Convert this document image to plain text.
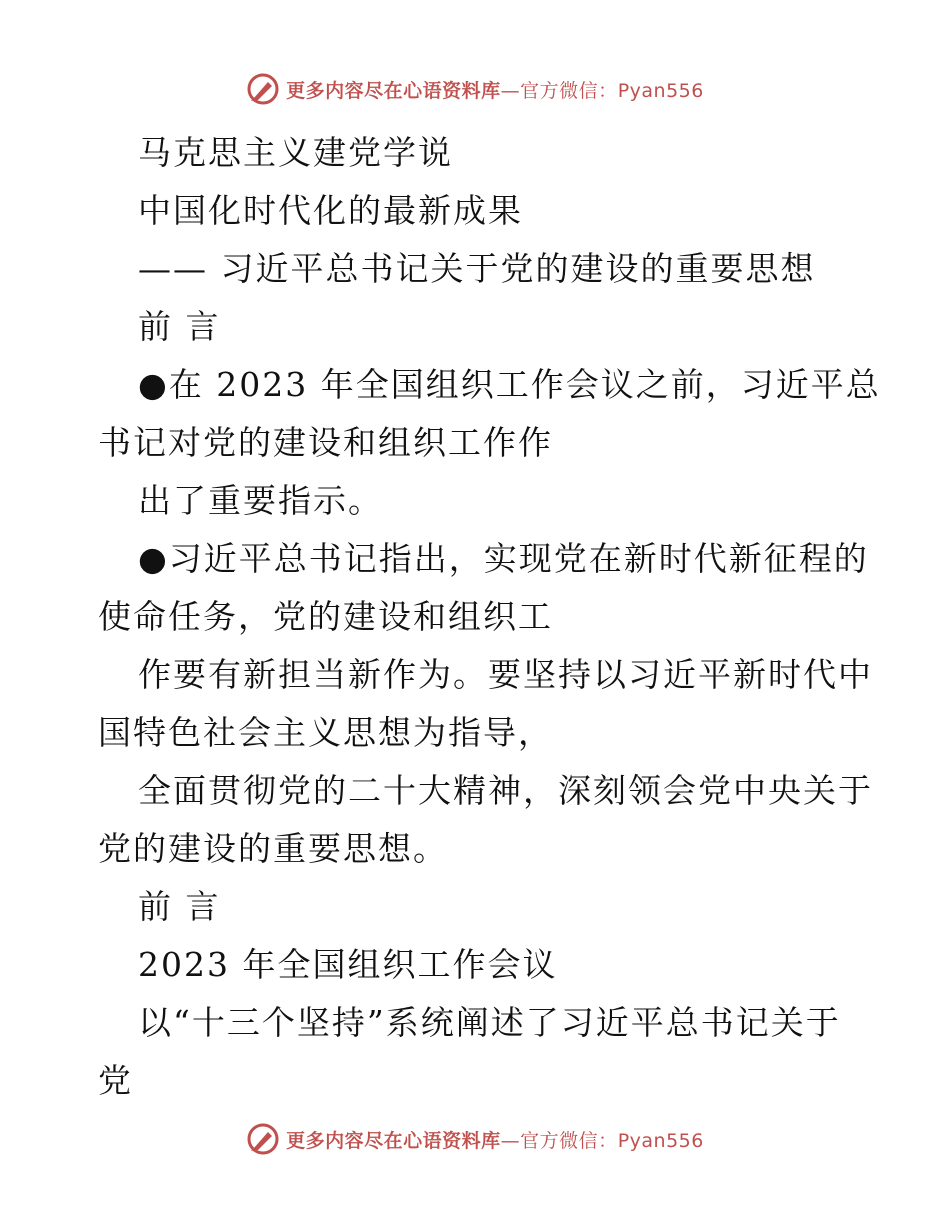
更多内容尽在心语资料库—官方微信：Pyan556
马克思主义建党学说
中国化时代化的最新成果
—— 习近平总书记关于党的建设的重要思想
前 言
●在 2023 年全国组织工作会议之前，习近平总
书记对党的建设和组织工作作
出了重要指示。
●习近平总书记指出，实现党在新时代新征程的
使命任务，党的建设和组织工
作要有新担当新作为。要坚持以习近平新时代中
国特色社会主义思想为指导，
全面贯彻党的二十大精神，深刻领会党中央关于
党的建设的重要思想。
前 言
2023 年全国组织工作会议
以“十三个坚持”系统阐述了习近平总书记关于
党
更多内容尽在心语资料库—官方微信：Pyan556
